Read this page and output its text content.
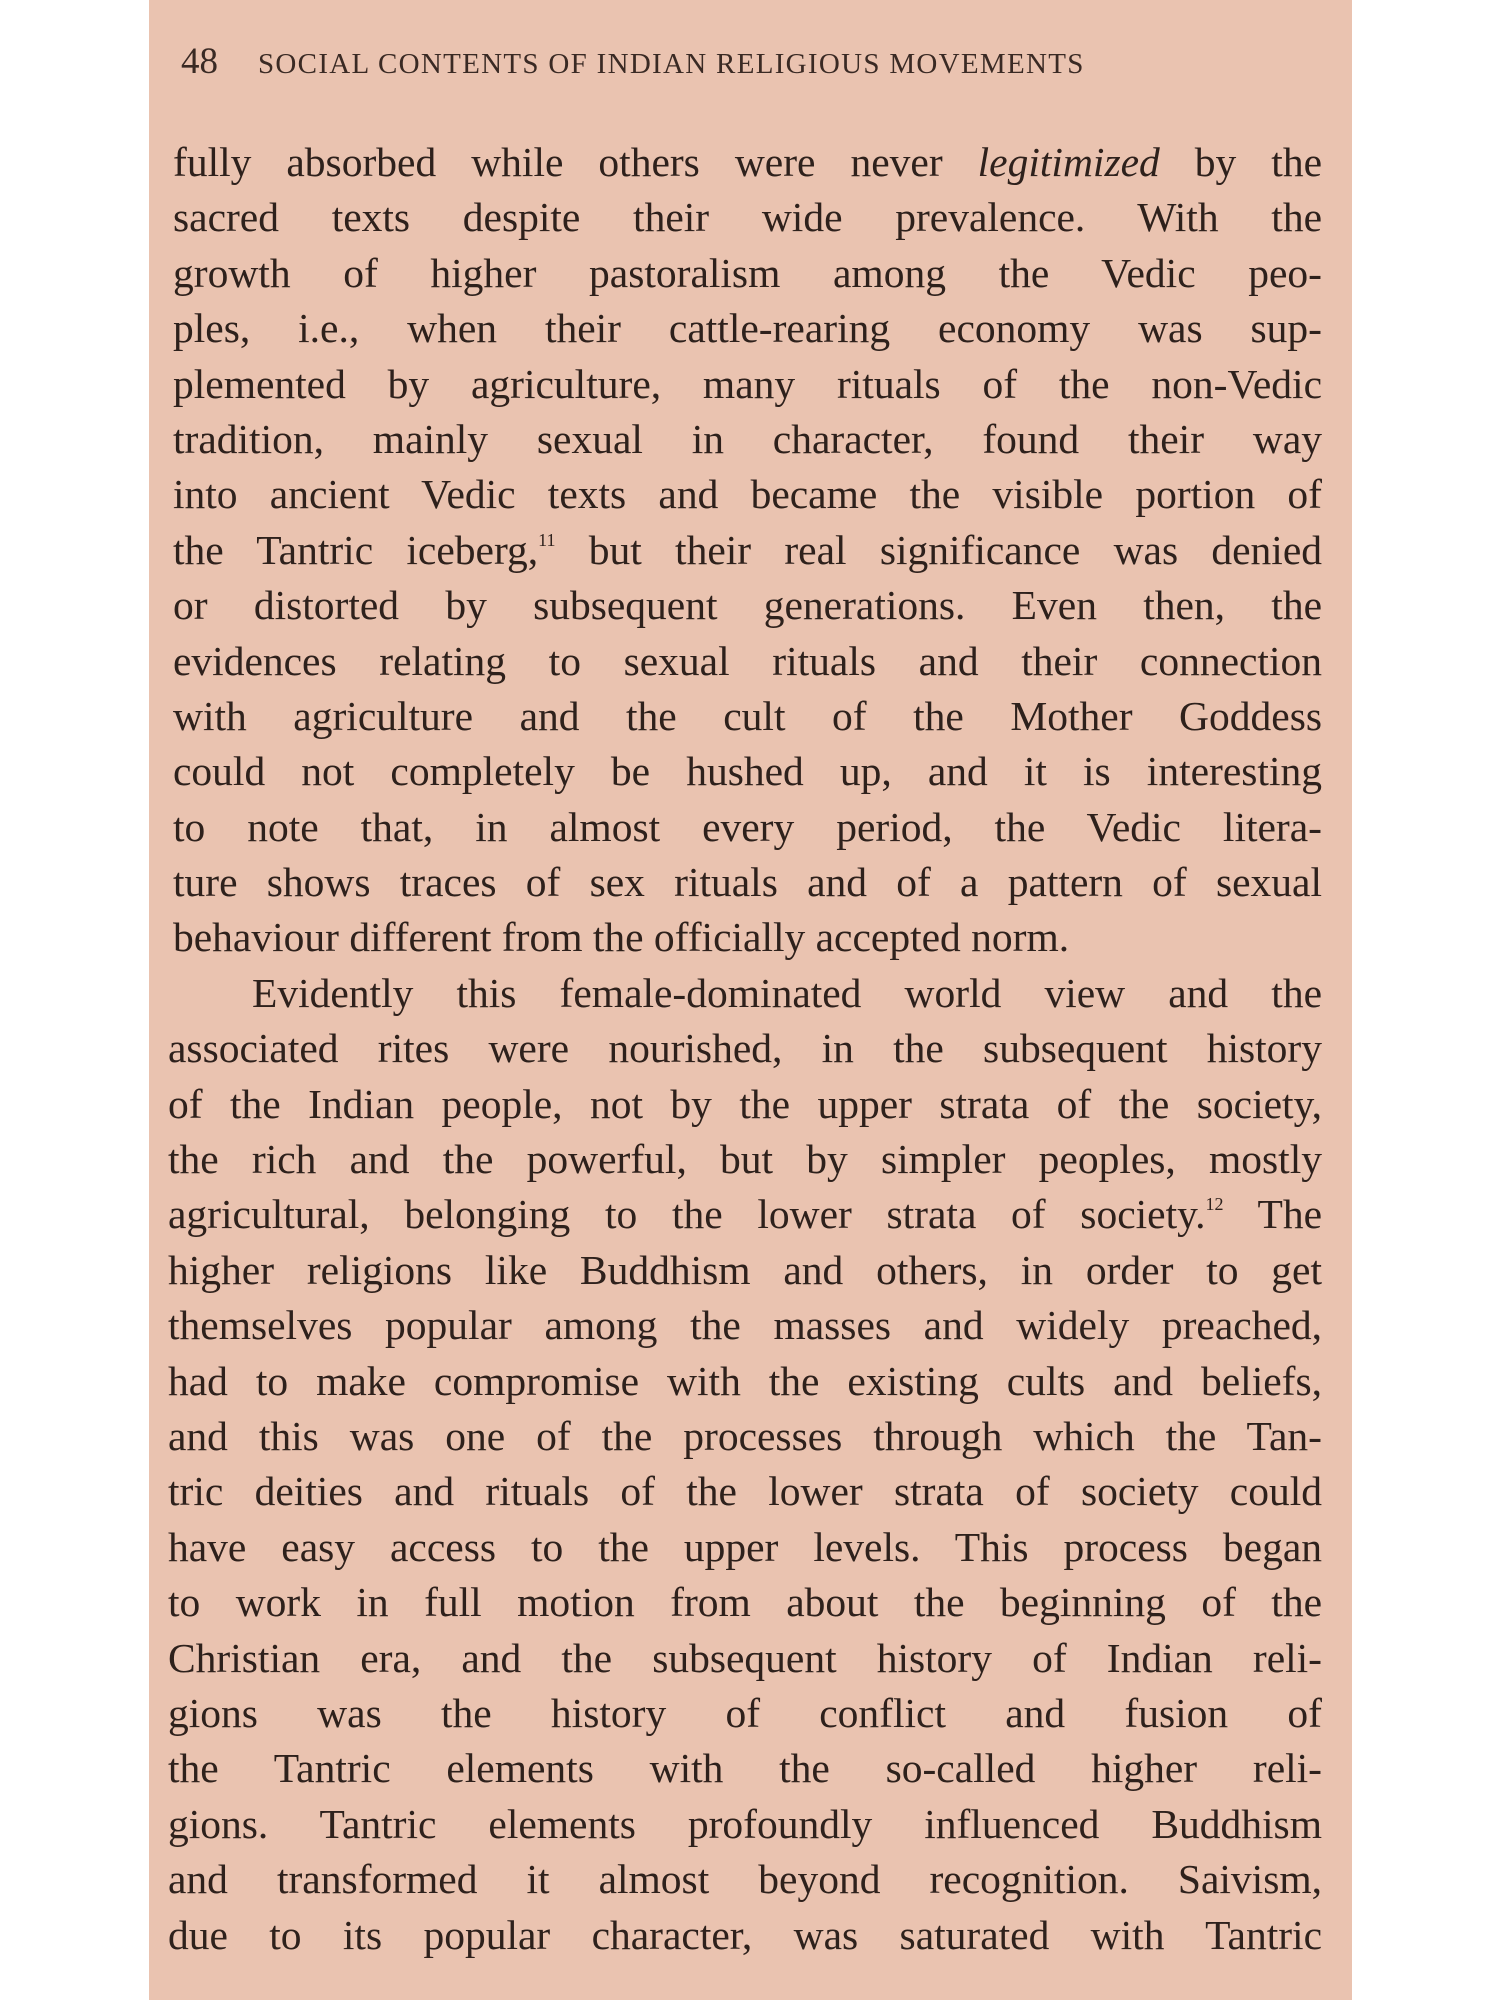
48 SOCIAL CONTENTS OF INDIAN RELIGIOUS MOVEMENTS
fully absorbed while others were never legitimized by the
sacred texts despite their wide prevalence. With the
growth of higher pastoralism among the Vedic peo-
ples, i.e., when their cattle-rearing economy was sup-
plemented by agriculture, many rituals of the non-Vedic
tradition, mainly sexual in character, found their way
into ancient Vedic texts and became the visible portion of
the Tantric iceberg,$^{11}$ but their real significance was denied
or distorted by subsequent generations. Even then, the
evidences relating to sexual rituals and their connection
with agriculture and the cult of the Mother Goddess
could not completely be hushed up, and it is interesting
to note that, in almost every period, the Vedic litera-
ture shows traces of sex rituals and of a pattern of sexual
behaviour different from the officially accepted norm.
Evidently this female-dominated world view and the
associated rites were nourished, in the subsequent history
of the Indian people, not by the upper strata of the society,
the rich and the powerful, but by simpler peoples, mostly
agricultural, belonging to the lower strata of society.$^{12}$ The
higher religions like Buddhism and others, in order to get
themselves popular among the masses and widely preached,
had to make compromise with the existing cults and beliefs,
and this was one of the processes through which the Tan-
tric deities and rituals of the lower strata of society could
have easy access to the upper levels. This process began
to work in full motion from about the beginning of the
Christian era, and the subsequent history of Indian reli-
gions was the history of conflict and fusion of
the Tantric elements with the so-called higher reli-
gions. Tantric elements profoundly influenced Buddhism
and transformed it almost beyond recognition. Saivism,
due to its popular character, was saturated with Tantric
